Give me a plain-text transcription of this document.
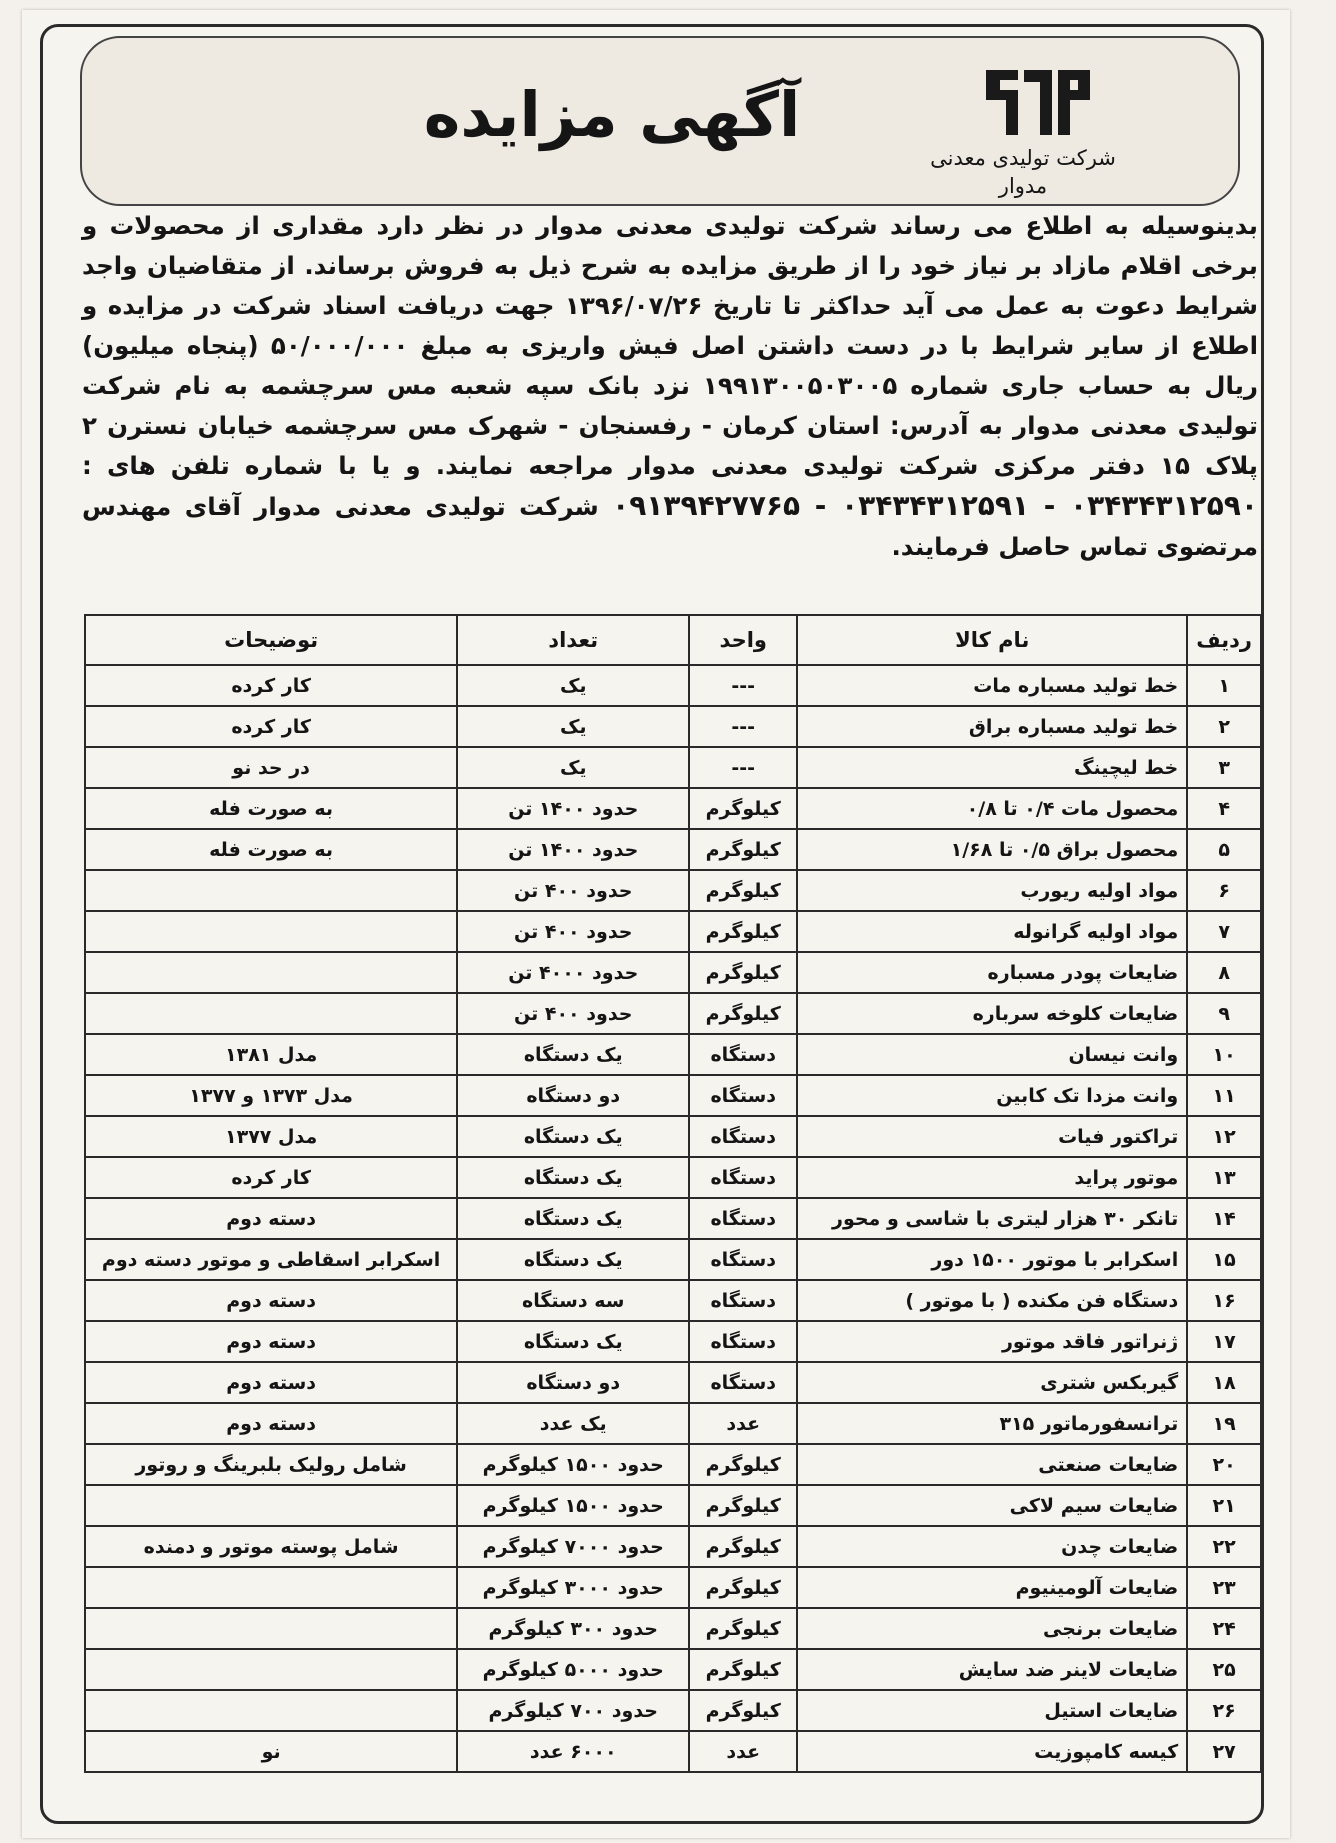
آگهی مزایده
شرکت تولیدی معدنی
مدوار

بدینوسیله به اطلاع می رساند شرکت تولیدی معدنی مدوار در نظر دارد مقداری از محصولات و برخی اقلام مازاد بر نیاز خود را از طریق مزایده به شرح ذیل به فروش برساند. از متقاضیان واجد شرایط دعوت به عمل می آید حداکثر تا تاریخ ۱۳۹۶/۰۷/۲۶ جهت دریافت اسناد شرکت در مزایده و اطلاع از سایر شرایط با در دست داشتن اصل فیش واریزی به مبلغ ۵۰/۰۰۰/۰۰۰ (پنجاه میلیون) ریال به حساب جاری شماره ۱۹۹۱۳۰۰۵۰۳۰۰۵ نزد بانک سپه شعبه مس سرچشمه به نام شرکت تولیدی معدنی مدوار به آدرس: استان کرمان - رفسنجان - شهرک مس سرچشمه خیابان نسترن ۲ پلاک ۱۵ دفتر مرکزی شرکت تولیدی معدنی مدوار مراجعه نمایند. و یا با شماره تلفن های : ۰۳۴۳۴۳۱۲۵۹۰ - ۰۳۴۳۴۳۱۲۵۹۱ - ۰۹۱۳۹۴۲۷۷۶۵ شرکت تولیدی معدنی مدوار آقای مهندس مرتضوی تماس حاصل فرمایند.

ردیف	نام کالا	واحد	تعداد	توضیحات
۱	خط تولید مسباره مات	---	یک	کار کرده
۲	خط تولید مسباره براق	---	یک	کار کرده
۳	خط لیچینگ	---	یک	در حد نو
۴	محصول مات ۰/۴ تا ۰/۸	کیلوگرم	حدود ۱۴۰۰ تن	به صورت فله
۵	محصول براق ۰/۵ تا ۱/۶۸	کیلوگرم	حدود ۱۴۰۰ تن	به صورت فله
۶	مواد اولیه ریورب	کیلوگرم	حدود ۴۰۰ تن	
۷	مواد اولیه گرانوله	کیلوگرم	حدود ۴۰۰ تن	
۸	ضایعات پودر مسباره	کیلوگرم	حدود ۴۰۰۰ تن	
۹	ضایعات کلوخه سرباره	کیلوگرم	حدود ۴۰۰ تن	
۱۰	وانت نیسان	دستگاه	یک دستگاه	مدل ۱۳۸۱
۱۱	وانت مزدا تک کابین	دستگاه	دو دستگاه	مدل ۱۳۷۳ و ۱۳۷۷
۱۲	تراکتور فیات	دستگاه	یک دستگاه	مدل ۱۳۷۷
۱۳	موتور پراید	دستگاه	یک دستگاه	کار کرده
۱۴	تانکر ۳۰ هزار لیتری با شاسی و محور	دستگاه	یک دستگاه	دسته دوم
۱۵	اسکرابر با موتور ۱۵۰۰ دور	دستگاه	یک دستگاه	اسکرابر اسقاطی و موتور دسته دوم
۱۶	دستگاه فن مکنده ( با موتور )	دستگاه	سه دستگاه	دسته دوم
۱۷	ژنراتور فاقد موتور	دستگاه	یک دستگاه	دسته دوم
۱۸	گیربکس شتری	دستگاه	دو دستگاه	دسته دوم
۱۹	ترانسفورماتور ۳۱۵	عدد	یک عدد	دسته دوم
۲۰	ضایعات صنعتی	کیلوگرم	حدود ۱۵۰۰ کیلوگرم	شامل رولیک بلبرینگ و روتور
۲۱	ضایعات سیم لاکی	کیلوگرم	حدود ۱۵۰۰ کیلوگرم	
۲۲	ضایعات چدن	کیلوگرم	حدود ۷۰۰۰ کیلوگرم	شامل پوسته موتور و دمنده
۲۳	ضایعات آلومینیوم	کیلوگرم	حدود ۳۰۰۰ کیلوگرم	
۲۴	ضایعات برنجی	کیلوگرم	حدود ۳۰۰ کیلوگرم	
۲۵	ضایعات لاینر ضد سایش	کیلوگرم	حدود ۵۰۰۰ کیلوگرم	
۲۶	ضایعات استیل	کیلوگرم	حدود ۷۰۰ کیلوگرم	
۲۷	کیسه کامپوزیت	عدد	۶۰۰۰ عدد	نو
